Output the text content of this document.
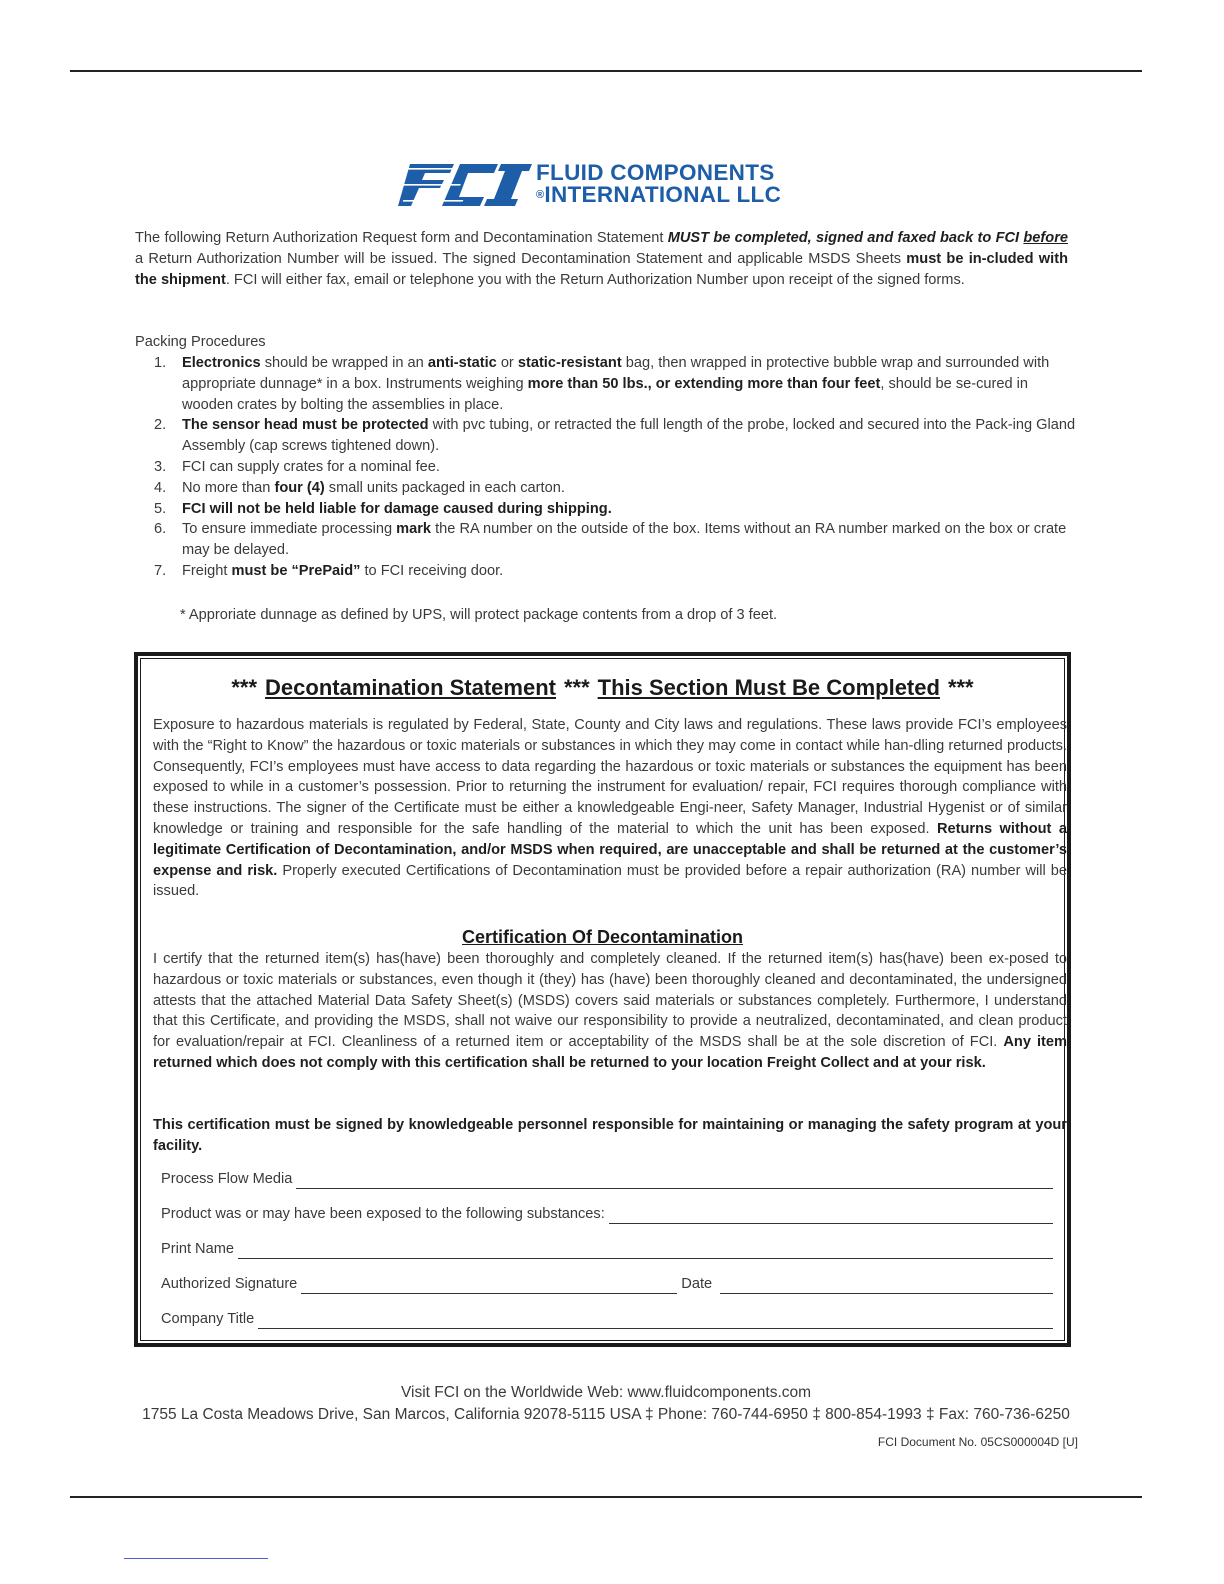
FLUID COMPONENTS
®INTERNATIONAL LLC

The following Return Authorization Request form and Decontamination Statement MUST be completed, signed and faxed back to FCI before a Return Authorization Number will be issued. The signed Decontamination Statement and applicable MSDS Sheets must be in-cluded with the shipment. FCI will either fax, email or telephone you with the Return Authorization Number upon receipt of the signed forms.

Packing Procedures
1. Electronics should be wrapped in an anti-static or static-resistant bag, then wrapped in protective bubble wrap and surrounded with appropriate dunnage* in a box. Instruments weighing more than 50 lbs., or extending more than four feet, should be se-cured in wooden crates by bolting the assemblies in place.
2. The sensor head must be protected with pvc tubing, or retracted the full length of the probe, locked and secured into the Pack-ing Gland Assembly (cap screws tightened down).
3. FCI can supply crates for a nominal fee.
4. No more than four (4) small units packaged in each carton.
5. FCI will not be held liable for damage caused during shipping.
6. To ensure immediate processing mark the RA number on the outside of the box. Items without an RA number marked on the box or crate may be delayed.
7. Freight must be “PrePaid” to FCI receiving door.
* Approriate dunnage as defined by UPS, will protect package contents from a drop of 3 feet.
*** Decontamination Statement *** This Section Must Be Completed ***

Exposure to hazardous materials is regulated by Federal, State, County and City laws and regulations. These laws provide FCI’s employees with the “Right to Know” the hazardous or toxic materials or substances in which they may come in contact while han-dling returned products. Consequently, FCI’s employees must have access to data regarding the hazardous or toxic materials or substances the equipment has been exposed to while in a customer’s possession. Prior to returning the instrument for evaluation/ repair, FCI requires thorough compliance with these instructions. The signer of the Certificate must be either a knowledgeable Engi-neer, Safety Manager, Industrial Hygenist or of similar knowledge or training and responsible for the safe handling of the material to which the unit has been exposed. Returns without a legitimate Certification of Decontamination, and/or MSDS when required, are unacceptable and shall be returned at the customer’s expense and risk. Properly executed Certifications of Decontamination must be provided before a repair authorization (RA) number will be issued.

Certification Of Decontamination

I certify that the returned item(s) has(have) been thoroughly and completely cleaned. If the returned item(s) has(have) been ex-posed to hazardous or toxic materials or substances, even though it (they) has (have) been thoroughly cleaned and decontaminated, the undersigned attests that the attached Material Data Safety Sheet(s) (MSDS) covers said materials or substances completely. Furthermore, I understand that this Certificate, and providing the MSDS, shall not waive our responsibility to provide a neutralized, decontaminated, and clean product for evaluation/repair at FCI. Cleanliness of a returned item or acceptability of the MSDS shall be at the sole discretion of FCI. Any item returned which does not comply with this certification shall be returned to your location Freight Collect and at your risk.

This certification must be signed by knowledgeable personnel responsible for maintaining or managing the safety program at your facility.

Process Flow Media
Product was or may have been exposed to the following substances:
Print Name
Authorized Signature	Date
Company Title
Visit FCI on the Worldwide Web: www.fluidcomponents.com
1755 La Costa Meadows Drive, San Marcos, California 92078-5115 USA ‡ Phone: 760-744-6950 ‡ 800-854-1993 ‡ Fax: 760-736-6250
FCI Document No. 05CS000004D [U]
